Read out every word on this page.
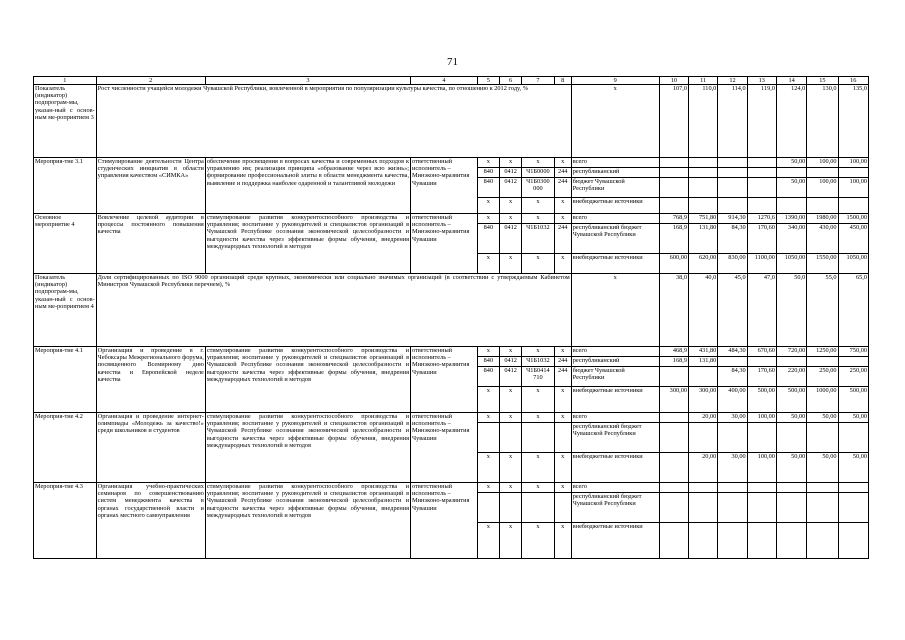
71
1	2	3	4	5	6	7	8	9	10	11	12	13	14	15	16
Показатель (индикатор) подпрограм-мы, указан-ный с основ-ным ме-роприятием 3	Рост численности учащейся молодежи Чувашской Республики, вовлеченной в мероприятия по популяризации культуры качества, по отношению к 2012 году, %							х	107,0	110,0	114,0	119,0	124,0	130,0	135,0
Мероприя-тие 3.1	Стимулирование деятельности Центра студенческих инициатив в области управления качеством «СИМКА»	обеспечение просвещения в вопросах качества и современных подходов к управлению им; реализация принципа «образование через всю жизнь»; формирование профессиональной элиты в области менеджмента качества, выявление и поддержка наиболее одаренной и талантливой молодежи	ответственный исполнитель – Минэконо-мразвития Чувашии	х	х	х	х	всего					50,00	100,00	100,00
				840	0412	Ч1Б0000	244	республиканский							
				840	0412	Ч1Б0300 000	244	бюджет Чувашской Республики					50,00	100,00	100,00
				х	х	х	х	внебюджетные источники							
Основное мероприятие 4	Вовлечение целевой аудитории в процессы постоянного повышения качества	стимулирование развития конкурентоспособного производства и управления; воспитание у руководителей и специалистов организаций в Чувашской Республике осознания экономической целесообразности и выгодности качества через эффективные формы обучения, внедрения международных технологий и методов	ответственный исполнитель – Минэконо-мразвития Чувашии	х	х	х	х	всего	768,9	751,80	914,30	1270,6	1390,00	1980,00	1500,00
				840	0412	Ч1Б1032	244	республиканский бюджет Чувашской Республики	168,9	131,80	84,30	170,60	340,00	430,00	450,00
				х	х	х	х	внебюджетные источники	600,00	620,00	830,00	1100,00	1050,00	1550,00	1050,00
Показатель (индикатор) подпрограм-мы, указан-ный с основ-ным ме-роприятием 4	Доля сертифицированных по ISO 9000 организаций среди крупных, экономически или социально значимых организаций (в соответствии с утверждаемым Кабинетом Министров Чувашской Республики перечнем), %							х	38,0	40,0	45,0	47,0	50,0	55,0	65,0
Мероприя-тие 4.1	Организация и проведение в г. Чебоксары Межрегионального форума, посвященного Всемирному дню качества и Европейской неделе качества	стимулирование развития конкурентоспособного производства и управления; воспитание у руководителей и специалистов организаций в Чувашской Республике осознания экономической целесообразности и выгодности качества через эффективные формы обучения, внедрения международных технологий и методов	ответственный исполнитель – Минэконо-мразвития Чувашии	х	х	х	х	всего	468,9	431,80	484,30	670,60	720,00	1250,00	750,00
				840	0412	Ч1Б1032	244	республиканский	168,9	131,80					
				840	0412	Ч1Б0414 710	244	бюджет Чувашской Республики			84,30	170,60	220,00	250,00	250,00
				х	х	х	х	внебюджетные источники	300,00	300,00	400,00	500,00	500,00	1000,00	500,00
Мероприя-тие 4.2	Организация и проведение интернет-олимпиады «Молодежь за качество!» среди школьников и студентов	стимулирование развития конкурентоспособного производства и управления; воспитание у руководителей и специалистов организаций в Чувашской Республике осознания экономической целесообразности и выгодности качества через эффективные формы обучения, внедрения международных технологий и методов	ответственный исполнитель – Минэконо-мразвития Чувашии	х	х	х	х	всего		20,00	30,00	100,00	50,00	50,00	50,00
								республиканский бюджет Чувашской Республики							
				х	х	х	х	внебюджетные источники		20,00	30,00	100,00	50,00	50,00	50,00
Мероприя-тие 4.3	Организация учебно-практических семинаров по совершенствованию систем менеджмента качества в органах государственной власти и органах местного самоуправления	стимулирование развития конкурентоспособного производства и управления; воспитание у руководителей и специалистов организаций в Чувашской Республике осознания экономической целесообразности и выгодности качества через эффективные формы обучения, внедрения международных технологий и методов	ответственный исполнитель – Минэконо-мразвития Чувашии	х	х	х	х	всего							
								республиканский бюджет Чувашской Республики							
				х	х	х	х	внебюджетные источники							
